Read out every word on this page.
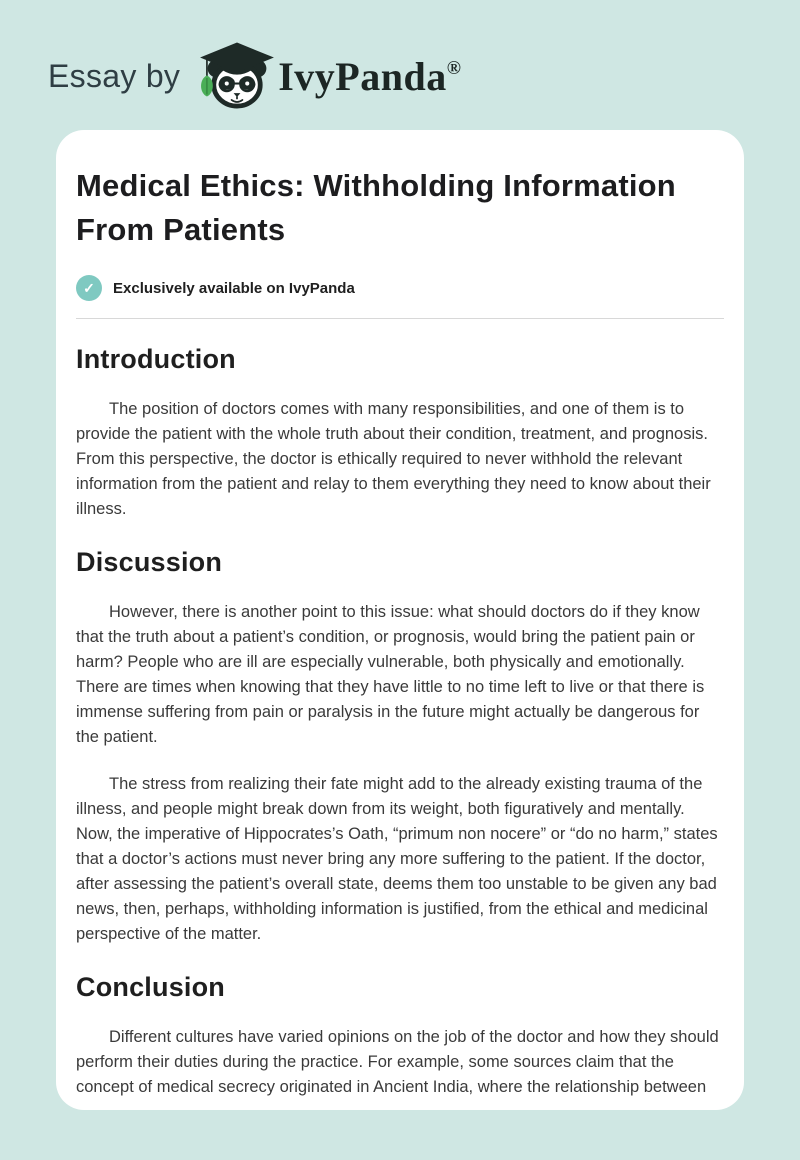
Essay by IvyPanda®
Medical Ethics: Withholding Information From Patients
✓	Exclusively available on IvyPanda
Introduction

The position of doctors comes with many responsibilities, and one of them is to provide the patient with the whole truth about their condition, treatment, and prognosis. From this perspective, the doctor is ethically required to never withhold the relevant information from the patient and relay to them everything they need to know about their illness.

Discussion

However, there is another point to this issue: what should doctors do if they know that the truth about a patient’s condition, or prognosis, would bring the patient pain or harm? People who are ill are especially vulnerable, both physically and emotionally. There are times when knowing that they have little to no time left to live or that there is immense suffering from pain or paralysis in the future might actually be dangerous for the patient.

The stress from realizing their fate might add to the already existing trauma of the illness, and people might break down from its weight, both figuratively and mentally. Now, the imperative of Hippocrates’s Oath, “primum non nocere” or “do no harm,” states that a doctor’s actions must never bring any more suffering to the patient. If the doctor, after assessing the patient’s overall state, deems them too unstable to be given any bad news, then, perhaps, withholding information is justified, from the ethical and medicinal perspective of the matter.

Conclusion

Different cultures have varied opinions on the job of the doctor and how they should perform their duties during the practice. For example, some sources claim that the concept of medical secrecy originated in Ancient India, where the relationship between
